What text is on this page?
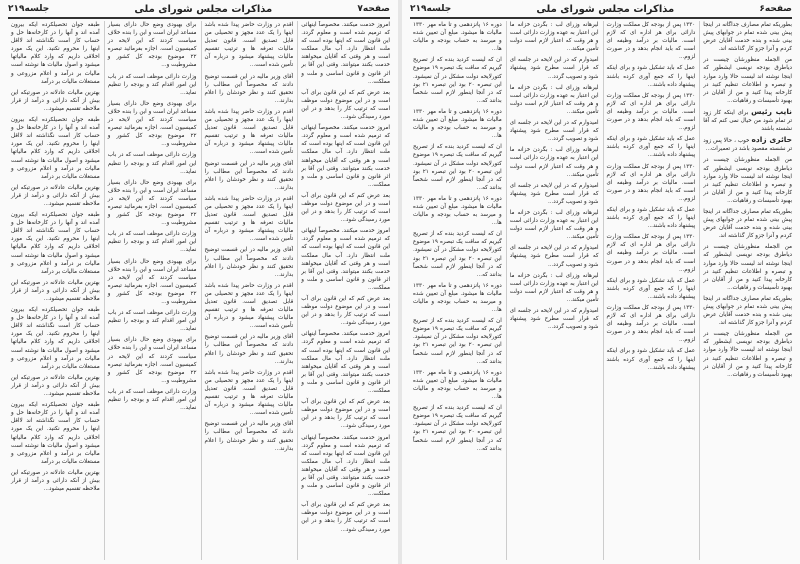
صفحه۷
مذاکرات مجلس شورای ملی
جلسه۲۱۹

امروز خدمت میکنند. مخصوصاً اینهائی که ترمیم شده است و معلوم گردد. این قانون است که اینها بوده است که ملت انتظار دارد. آب مال مملکت است و هر وقتی که آقایان میخواهند خدمت بکنند میتوانند. وقتی این آقا بر اثر قانون و قانون اساسی و ملت و مملکت...

بعد عرض کنم که این قانون برای آب است و در این موضوع دولت موظف است که ترتیب کار را بدهد و در این مورد رسیدگی شود...

امروز خدمت میکنند. مخصوصاً اینهائی که ترمیم شده است و معلوم گردد. این قانون است که اینها بوده است که ملت انتظار دارد. آب مال مملکت است و هر وقتی که آقایان میخواهند خدمت بکنند میتوانند. وقتی این آقا بر اثر قانون و قانون اساسی و ملت و مملکت...

بعد عرض کنم که این قانون برای آب است و در این موضوع دولت موظف است که ترتیب کار را بدهد و در این مورد رسیدگی شود...

امروز خدمت میکنند. مخصوصاً اینهائی که ترمیم شده است و معلوم گردد. این قانون است که اینها بوده است که ملت انتظار دارد. آب مال مملکت است و هر وقتی که آقایان میخواهند خدمت بکنند میتوانند. وقتی این آقا بر اثر قانون و قانون اساسی و ملت و مملکت...

بعد عرض کنم که این قانون برای آب است و در این موضوع دولت موظف است که ترتیب کار را بدهد و در این مورد رسیدگی شود...

امروز خدمت میکنند. مخصوصاً اینهائی که ترمیم شده است و معلوم گردد. این قانون است که اینها بوده است که ملت انتظار دارد. آب مال مملکت است و هر وقتی که آقایان میخواهند خدمت بکنند میتوانند. وقتی این آقا بر اثر قانون و قانون اساسی و ملت و مملکت...

بعد عرض کنم که این قانون برای آب است و در این موضوع دولت موظف است که ترتیب کار را بدهد و در این مورد رسیدگی شود...

امروز خدمت میکنند. مخصوصاً اینهائی که ترمیم شده است و معلوم گردد. این قانون است که اینها بوده است که ملت انتظار دارد. آب مال مملکت است و هر وقتی که آقایان میخواهند خدمت بکنند میتوانند. وقتی این آقا بر اثر قانون و قانون اساسی و ملت و مملکت...

بعد عرض کنم که این قانون برای آب است و در این موضوع دولت موظف است که ترتیب کار را بدهد و در این مورد رسیدگی شود...

اقدم در وزارت حاضر پیدا شده باشد اینها را یک عدد مجهز و تحصیلی من قابل تصدیق است. قانون تعدیل مالیات تعرفه ها و ترتیب تقسیم مالیات پیشنهاد میشود و درباره آن تأمین شده است...

آقای وزیر مالیه در این قسمت توضیح دادند که مخصوصاً این مطالب را تحقیق کنند و نظر خودشان را اعلام بدارند...

اقدم در وزارت حاضر پیدا شده باشد اینها را یک عدد مجهز و تحصیلی من قابل تصدیق است. قانون تعدیل مالیات تعرفه ها و ترتیب تقسیم مالیات پیشنهاد میشود و درباره آن تأمین شده است...

آقای وزیر مالیه در این قسمت توضیح دادند که مخصوصاً این مطالب را تحقیق کنند و نظر خودشان را اعلام بدارند...

اقدم در وزارت حاضر پیدا شده باشد اینها را یک عدد مجهز و تحصیلی من قابل تصدیق است. قانون تعدیل مالیات تعرفه ها و ترتیب تقسیم مالیات پیشنهاد میشود و درباره آن تأمین شده است...

آقای وزیر مالیه در این قسمت توضیح دادند که مخصوصاً این مطالب را تحقیق کنند و نظر خودشان را اعلام بدارند...

اقدم در وزارت حاضر پیدا شده باشد اینها را یک عدد مجهز و تحصیلی من قابل تصدیق است. قانون تعدیل مالیات تعرفه ها و ترتیب تقسیم مالیات پیشنهاد میشود و درباره آن تأمین شده است...

آقای وزیر مالیه در این قسمت توضیح دادند که مخصوصاً این مطالب را تحقیق کنند و نظر خودشان را اعلام بدارند...

اقدم در وزارت حاضر پیدا شده باشد اینها را یک عدد مجهز و تحصیلی من قابل تصدیق است. قانون تعدیل مالیات تعرفه ها و ترتیب تقسیم مالیات پیشنهاد میشود و درباره آن تأمین شده است...

آقای وزیر مالیه در این قسمت توضیح دادند که مخصوصاً این مطالب را تحقیق کنند و نظر خودشان را اعلام بدارند...

برای بهبودی وضع حال دارای بسیار مساعد ایران است و این را بنده خلاف سیاست کردند که این لایحه در کمیسیون است. اجازه بفرمائید تبصره ۲۲ موضوع بودجه کل کشور و مشروطیت و...

وزارت دارائی موظف است که در باب این امور اقدام کند و بودجه را تنظیم نماید...

برای بهبودی وضع حال دارای بسیار مساعد ایران است و این را بنده خلاف سیاست کردند که این لایحه در کمیسیون است. اجازه بفرمائید تبصره ۲۲ موضوع بودجه کل کشور و مشروطیت و...

وزارت دارائی موظف است که در باب این امور اقدام کند و بودجه را تنظیم نماید...

برای بهبودی وضع حال دارای بسیار مساعد ایران است و این را بنده خلاف سیاست کردند که این لایحه در کمیسیون است. اجازه بفرمائید تبصره ۲۲ موضوع بودجه کل کشور و مشروطیت و...

وزارت دارائی موظف است که در باب این امور اقدام کند و بودجه را تنظیم نماید...

برای بهبودی وضع حال دارای بسیار مساعد ایران است و این را بنده خلاف سیاست کردند که این لایحه در کمیسیون است. اجازه بفرمائید تبصره ۲۲ موضوع بودجه کل کشور و مشروطیت و...

وزارت دارائی موظف است که در باب این امور اقدام کند و بودجه را تنظیم نماید...

برای بهبودی وضع حال دارای بسیار مساعد ایران است و این را بنده خلاف سیاست کردند که این لایحه در کمیسیون است. اجازه بفرمائید تبصره ۲۲ موضوع بودجه کل کشور و مشروطیت و...

وزارت دارائی موظف است که در باب این امور اقدام کند و بودجه را تنظیم نماید...

طبقه جوان تحصیلکرده ایکه بیرون آمده اند و آنها را در کارخانه‌ها حل و حساب کار است نگذاشته اند لااقل اینها را محروم نکنید. این یک مورد اخلاقی داریم که وارد کلام مالیاتها میشود و اصول مالیات ها نوشته است مالیات بر درآمد و اعلام مزروعی و مستغلات مالیات بر درآمد

بهترین مالیات عادلانه در صورتیکه این بیش از آنکه دارائی و درآمد از قرار ملاحظه تقسیم میشود...

طبقه جوان تحصیلکرده ایکه بیرون آمده اند و آنها را در کارخانه‌ها حل و حساب کار است نگذاشته اند لااقل اینها را محروم نکنید. این یک مورد اخلاقی داریم که وارد کلام مالیاتها میشود و اصول مالیات ها نوشته است مالیات بر درآمد و اعلام مزروعی و مستغلات مالیات بر درآمد

بهترین مالیات عادلانه در صورتیکه این بیش از آنکه دارائی و درآمد از قرار ملاحظه تقسیم میشود...

طبقه جوان تحصیلکرده ایکه بیرون آمده اند و آنها را در کارخانه‌ها حل و حساب کار است نگذاشته اند لااقل اینها را محروم نکنید. این یک مورد اخلاقی داریم که وارد کلام مالیاتها میشود و اصول مالیات ها نوشته است مالیات بر درآمد و اعلام مزروعی و مستغلات مالیات بر درآمد

بهترین مالیات عادلانه در صورتیکه این بیش از آنکه دارائی و درآمد از قرار ملاحظه تقسیم میشود...

طبقه جوان تحصیلکرده ایکه بیرون آمده اند و آنها را در کارخانه‌ها حل و حساب کار است نگذاشته اند لااقل اینها را محروم نکنید. این یک مورد اخلاقی داریم که وارد کلام مالیاتها میشود و اصول مالیات ها نوشته است مالیات بر درآمد و اعلام مزروعی و مستغلات مالیات بر درآمد

بهترین مالیات عادلانه در صورتیکه این بیش از آنکه دارائی و درآمد از قرار ملاحظه تقسیم میشود...

طبقه جوان تحصیلکرده ایکه بیرون آمده اند و آنها را در کارخانه‌ها حل و حساب کار است نگذاشته اند لااقل اینها را محروم نکنید. این یک مورد اخلاقی داریم که وارد کلام مالیاتها میشود و اصول مالیات ها نوشته است مالیات بر درآمد و اعلام مزروعی و مستغلات مالیات بر درآمد

بهترین مالیات عادلانه در صورتیکه این بیش از آنکه دارائی و درآمد از قرار ملاحظه تقسیم میشود...

صفحه۶
مذاکرات مجلس شورای ملی
جلسه۲۱۹

بطوریکه تمام مصارف جداگانه در اینجا پیش بینی شده تمام در جوابهای پیش بینی شده و بنده خدمت آقایان عرض کردم و آنرا جزو کار گذاشته اند.

من الجمله منظورشان چیست در دیاطرق بودجه نویسی ایشطور که اینجا نوشته اند لیست حالا وارد موارد و تبصره و اطلاعات تنظیم کنید در کارخانه پیدا کنید و من از آقایان در بهبود تأسیسات و رفاهیات...

نایب رئیس برای اینکه کار زود تر تمام شود من خیال نمی کنم که آقا نشسته باشند

حائری زاده خوب ، حالا پس زود تر نشسته مقصود باشد در تعمیرات...

من الجمله منظورشان چیست در دیاطرق بودجه نویسی ایشطور که اینجا نوشته اند لیست حالا وارد موارد و تبصره و اطلاعات تنظیم کنید در کارخانه پیدا کنید و من از آقایان در بهبود تأسیسات و رفاهیات...

بطوریکه تمام مصارف جداگانه در اینجا پیش بینی شده تمام در جوابهای پیش بینی شده و بنده خدمت آقایان عرض کردم و آنرا جزو کار گذاشته اند.

من الجمله منظورشان چیست در دیاطرق بودجه نویسی ایشطور که اینجا نوشته اند لیست حالا وارد موارد و تبصره و اطلاعات تنظیم کنید در کارخانه پیدا کنید و من از آقایان در بهبود تأسیسات و رفاهیات...

بطوریکه تمام مصارف جداگانه در اینجا پیش بینی شده تمام در جوابهای پیش بینی شده و بنده خدمت آقایان عرض کردم و آنرا جزو کار گذاشته اند.

من الجمله منظورشان چیست در دیاطرق بودجه نویسی ایشطور که اینجا نوشته اند لیست حالا وارد موارد و تبصره و اطلاعات تنظیم کنید در کارخانه پیدا کنید و من از آقایان در بهبود تأسیسات و رفاهیات...

۱۳۳۰ پس از بودجه کل مملکت وزارت دارائی برای هر اداره ای که لازم است. مالیات بر درآمد وظیفه ای است که باید انجام بدهد و در صورت لزوم...

عمل که باید تشکیل شود و برای اینکه اینها را که جمع آوری کرده باشند پیشنهاد داده باشند...

۱۳۳۰ پس از بودجه کل مملکت وزارت دارائی برای هر اداره ای که لازم است. مالیات بر درآمد وظیفه ای است که باید انجام بدهد و در صورت لزوم...

عمل که باید تشکیل شود و برای اینکه اینها را که جمع آوری کرده باشند پیشنهاد داده باشند...

۱۳۳۰ پس از بودجه کل مملکت وزارت دارائی برای هر اداره ای که لازم است. مالیات بر درآمد وظیفه ای است که باید انجام بدهد و در صورت لزوم...

عمل که باید تشکیل شود و برای اینکه اینها را که جمع آوری کرده باشند پیشنهاد داده باشند...

۱۳۳۰ پس از بودجه کل مملکت وزارت دارائی برای هر اداره ای که لازم است. مالیات بر درآمد وظیفه ای است که باید انجام بدهد و در صورت لزوم...

عمل که باید تشکیل شود و برای اینکه اینها را که جمع آوری کرده باشند پیشنهاد داده باشند...

۱۳۳۰ پس از بودجه کل مملکت وزارت دارائی برای هر اداره ای که لازم است. مالیات بر درآمد وظیفه ای است که باید انجام بدهد و در صورت لزوم...

عمل که باید تشکیل شود و برای اینکه اینها را که جمع آوری کرده باشند پیشنهاد داده باشند...

لیرهانه وزرای لب : بگردن خزانه ما این اعتبار به عهده وزارت دارائی است و هر وقت که اعتبار لازم است دولت تأمین میکند...

امیدوارم که در این لایحه در جلسه ای که قرار است مطرح شود پیشنهاد شود و تصویب گردد...

لیرهانه وزرای لب : بگردن خزانه ما این اعتبار به عهده وزارت دارائی است و هر وقت که اعتبار لازم است دولت تأمین میکند...

امیدوارم که در این لایحه در جلسه ای که قرار است مطرح شود پیشنهاد شود و تصویب گردد...

لیرهانه وزرای لب : بگردن خزانه ما این اعتبار به عهده وزارت دارائی است و هر وقت که اعتبار لازم است دولت تأمین میکند...

امیدوارم که در این لایحه در جلسه ای که قرار است مطرح شود پیشنهاد شود و تصویب گردد...

لیرهانه وزرای لب : بگردن خزانه ما این اعتبار به عهده وزارت دارائی است و هر وقت که اعتبار لازم است دولت تأمین میکند...

امیدوارم که در این لایحه در جلسه ای که قرار است مطرح شود پیشنهاد شود و تصویب گردد...

لیرهانه وزرای لب : بگردن خزانه ما این اعتبار به عهده وزارت دارائی است و هر وقت که اعتبار لازم است دولت تأمین میکند...

امیدوارم که در این لایحه در جلسه ای که قرار است مطرح شود پیشنهاد شود و تصویب گردد...

دوره ۱۶ پانزدهمی و تا ماه مهر ۱۳۳۰ مالیات ها میشود. مبلغ آن تعیین شده و میرسد به حساب بودجه و مالیات ها...

ان که لیست کردید بنده که از تصریح گیریم که ساقت یک تبصره ۱۹ موضوع کتورلایحه دولت مشکل در آن نمیشود. این تبصره ۲۰ بود این تبصره ۲۱ بود که در آنجا اینطور لازم است شخصاً بدانند که...

دوره ۱۶ پانزدهمی و تا ماه مهر ۱۳۳۰ مالیات ها میشود. مبلغ آن تعیین شده و میرسد به حساب بودجه و مالیات ها...

ان که لیست کردید بنده که از تصریح گیریم که ساقت یک تبصره ۱۹ موضوع کتورلایحه دولت مشکل در آن نمیشود. این تبصره ۲۰ بود این تبصره ۲۱ بود که در آنجا اینطور لازم است شخصاً بدانند که...

دوره ۱۶ پانزدهمی و تا ماه مهر ۱۳۳۰ مالیات ها میشود. مبلغ آن تعیین شده و میرسد به حساب بودجه و مالیات ها...

ان که لیست کردید بنده که از تصریح گیریم که ساقت یک تبصره ۱۹ موضوع کتورلایحه دولت مشکل در آن نمیشود. این تبصره ۲۰ بود این تبصره ۲۱ بود که در آنجا اینطور لازم است شخصاً بدانند که...

دوره ۱۶ پانزدهمی و تا ماه مهر ۱۳۳۰ مالیات ها میشود. مبلغ آن تعیین شده و میرسد به حساب بودجه و مالیات ها...

ان که لیست کردید بنده که از تصریح گیریم که ساقت یک تبصره ۱۹ موضوع کتورلایحه دولت مشکل در آن نمیشود. این تبصره ۲۰ بود این تبصره ۲۱ بود که در آنجا اینطور لازم است شخصاً بدانند که...

دوره ۱۶ پانزدهمی و تا ماه مهر ۱۳۳۰ مالیات ها میشود. مبلغ آن تعیین شده و میرسد به حساب بودجه و مالیات ها...

ان که لیست کردید بنده که از تصریح گیریم که ساقت یک تبصره ۱۹ موضوع کتورلایحه دولت مشکل در آن نمیشود. این تبصره ۲۰ بود این تبصره ۲۱ بود که در آنجا اینطور لازم است شخصاً بدانند که...
